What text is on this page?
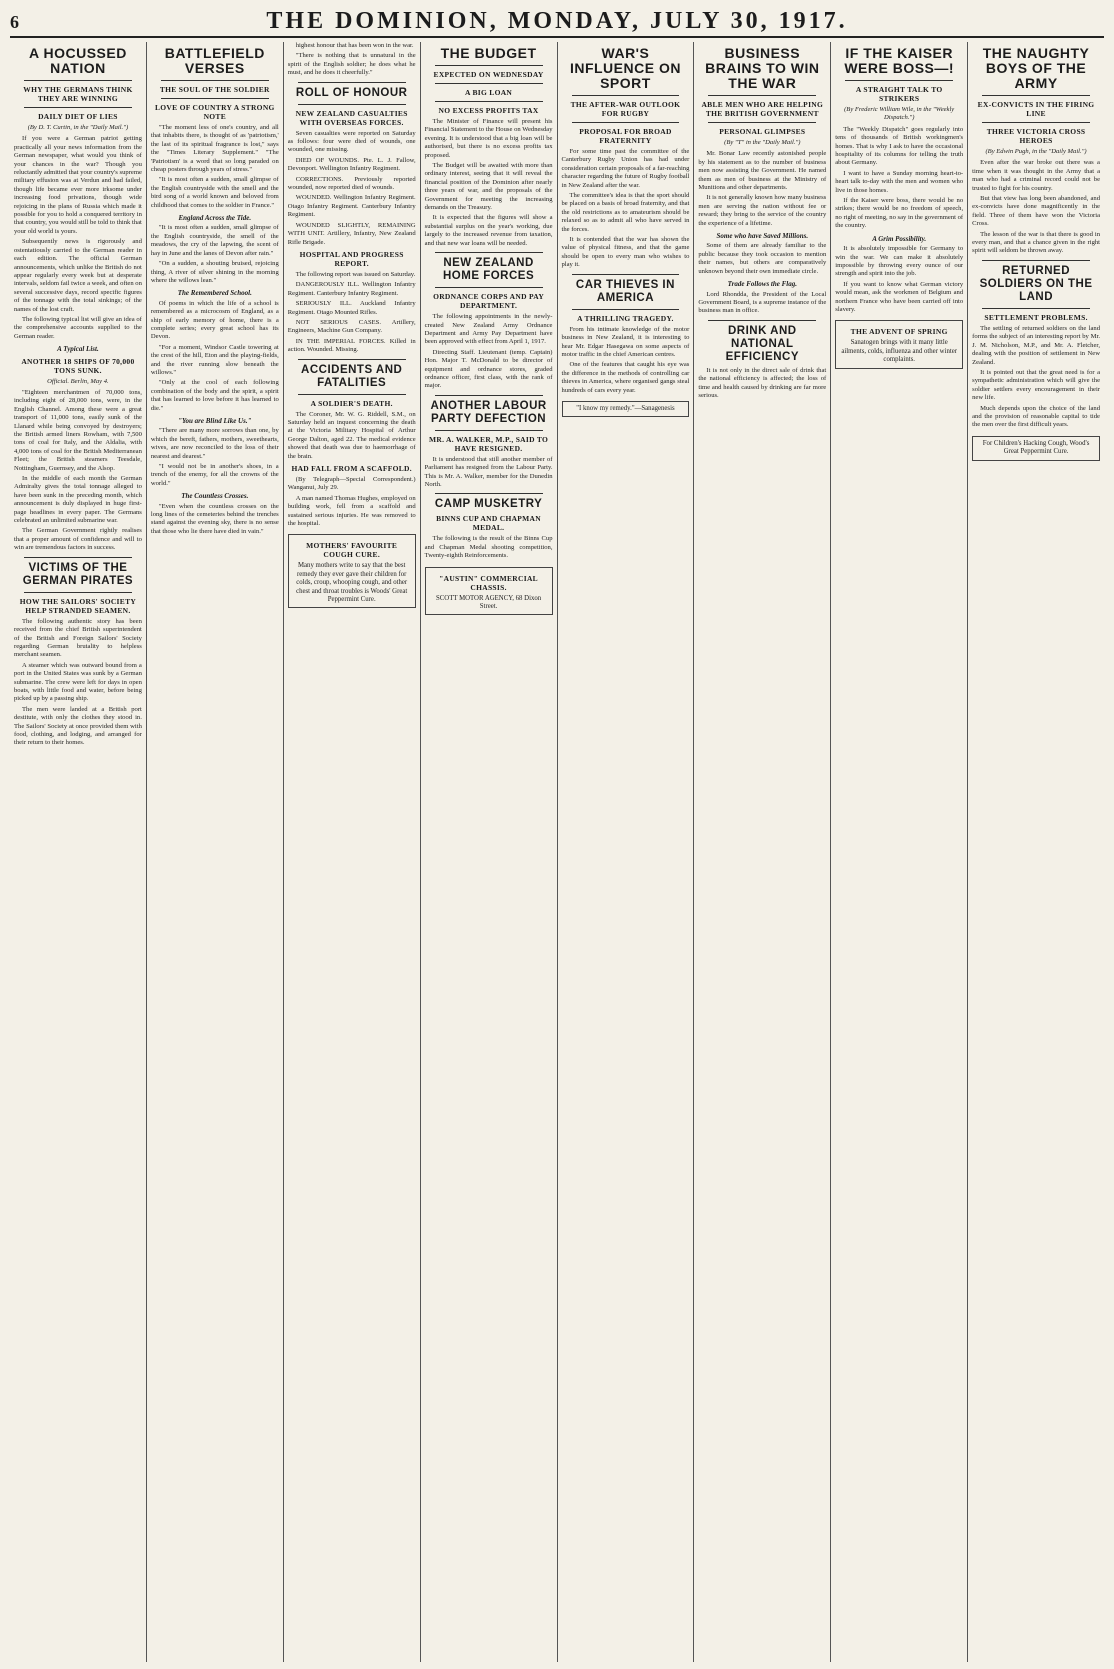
6	THE DOMINION, MONDAY, JULY 30, 1917.
A HOCUSSED NATION
WHY THE GERMANS THINK THEY ARE WINNING
DAILY DIET OF LIES
(By D. T. Curtin, in the "Daily Mail.")

If you were a German patriot getting practically all your news information from the German newspaper, what would you think of your chances in the war? Though you reluctantly admitted that your country's supreme military effusion was at Verdun and had failed, though life became ever more irksome under increasing food privations, though wide rejoicing in the plans of Russia which made it possible for you to hold a conquered territory in that country, you would still be told to think that your old world is yours.

Subsequently news is rigorously and ostentatiously carried to the German reader in each edition. The official German announcements, which unlike the British do not appear regularly every week but at desperate intervals, seldom fail twice a week, and often on several successive days, record specific figures of the tonnage with the total sinkings; of the names of the lost craft.

The following typical list will give an idea of the comprehensive accounts supplied to the German reader.

A Typical List.
ANOTHER 18 SHIPS OF 70,000 TONS SUNK.
Official. Berlin, May 4.

"Eighteen merchantmen of 70,000 tons, including eight of 28,000 tons, were, in the English Channel. Among these were a great transport of 11,000 tons, easily sunk of the Llanard while being convoyed by destroyers; the British armed liners Rowham, with 7,500 tons of coal for Italy, and the Aldalia, with 4,000 tons of coal for the British Mediterranean Fleet; the British steamers Teesdale, Nottingham, Guernsey, and the Alsop.

In the middle of each month the German Admiralty gives the total tonnage alleged to have been sunk in the preceding month, which announcement is duly displayed in huge first-page headlines in every paper. The Germans celebrated an unlimited submarine war.

The German Government rightly realises that a proper amount of confidence and will to win are tremendous factors in success.

VICTIMS OF THE GERMAN PIRATES
HOW THE SAILORS' SOCIETY HELP STRANDED SEAMEN.

The following authentic story has been received from the chief British superintendent of the British and Foreign Sailors' Society regarding German brutality to helpless merchant seamen.

A steamer which was outward bound from a port in the United States was sunk by a German submarine. The crew were left for days in open boats, with little food and water, before being picked up by a passing ship.

The men were landed at a British port destitute, with only the clothes they stood in. The Sailors' Society at once provided them with food, clothing, and lodging, and arranged for their return to their homes.

BATTLEFIELD VERSES
THE SOUL OF THE SOLDIER
LOVE OF COUNTRY A STRONG NOTE

"The moment less of one's country, and all that inhabits there, is thought of as 'patriotism,' the last of its spiritual fragrance is lost," says the "Times Literary Supplement." "The 'Patriotism' is a word that so long paraded on cheap posters through years of stress."

"It is most often a sudden, small glimpse of the English countryside with the smell and the bird song of a world known and beloved from childhood that comes to the soldier in France."

England Across the Tide.

"It is most often a sudden, small glimpse of the English countryside, the smell of the meadows, the cry of the lapwing, the scent of hay in June and the lanes of Devon after rain."

"On a sudden, a shouting bruised, rejoicing thing, A river of silver shining in the morning where the willows lean."

The Remembered School.

Of poems in which the life of a school is remembered as a microcosm of England, as a ship of early memory of home, there is a complete series; every great school has its Devon.

"For a moment, Windsor Castle towering at the crest of the hill, Eton and the playing-fields, and the river running slow beneath the willows."

"Only at the cool of each following combination of the body and the spirit, a spirit that has learned to love before it has learned to die."

"You are Blind Like Us."

"There are many more sorrows than one, by which the bereft, fathers, mothers, sweethearts, wives, are now reconciled to the loss of their nearest and dearest."

"I would not be in another's shoes, in a trench of the enemy, for all the crowns of the world."

The Countless Crosses.

"Even when the countless crosses on the long lines of the cemeteries behind the trenches stand against the evening sky, there is no sense that those who lie there have died in vain."

highest honour that has been won in the war.

"There is nothing that is unnatural in the spirit of the English soldier; he does what he must, and he does it cheerfully."

ROLL OF HONOUR
NEW ZEALAND CASUALTIES WITH OVERSEAS FORCES.

Seven casualties were reported on Saturday as follows: four were died of wounds, one wounded, one missing.

DIED OF WOUNDS. Pte. L. J. Fallow, Devonport. Wellington Infantry Regiment.

CORRECTIONS. Previously reported wounded, now reported died of wounds.

WOUNDED. Wellington Infantry Regiment. Otago Infantry Regiment. Canterbury Infantry Regiment.

WOUNDED SLIGHTLY, REMAINING WITH UNIT. Artillery, Infantry, New Zealand Rifle Brigade.

HOSPITAL AND PROGRESS REPORT.

The following report was issued on Saturday.

DANGEROUSLY ILL. Wellington Infantry Regiment. Canterbury Infantry Regiment.

SERIOUSLY ILL. Auckland Infantry Regiment. Otago Mounted Rifles.

NOT SERIOUS CASES. Artillery, Engineers, Machine Gun Company.

IN THE IMPERIAL FORCES. Killed in action. Wounded. Missing.

ACCIDENTS AND FATALITIES
A SOLDIER'S DEATH.

The Coroner, Mr. W. G. Riddell, S.M., on Saturday held an inquest concerning the death at the Victoria Military Hospital of Arthur George Dalton, aged 22. The medical evidence showed that death was due to haemorrhage of the brain.

HAD FALL FROM A SCAFFOLD.

(By Telegraph—Special Correspondent.) Wanganui, July 29.

A man named Thomas Hughes, employed on building work, fell from a scaffold and sustained serious injuries. He was removed to the hospital.

MOTHERS' FAVOURITE COUGH CURE.
Many mothers write to say that the best remedy they ever gave their children for colds, croup, whooping cough, and other chest and throat troubles is Woods' Great Peppermint Cure.
THE BUDGET
EXPECTED ON WEDNESDAY
A BIG LOAN
NO EXCESS PROFITS TAX

The Minister of Finance will present his Financial Statement to the House on Wednesday evening. It is understood that a big loan will be authorised, but there is no excess profits tax proposed.

The Budget will be awaited with more than ordinary interest, seeing that it will reveal the financial position of the Dominion after nearly three years of war, and the proposals of the Government for meeting the increasing demands on the Treasury.

It is expected that the figures will show a substantial surplus on the year's working, due largely to the increased revenue from taxation, and that new war loans will be needed.

NEW ZEALAND HOME FORCES
ORDNANCE CORPS AND PAY DEPARTMENT.

The following appointments in the newly-created New Zealand Army Ordnance Department and Army Pay Department have been approved with effect from April 1, 1917.

Directing Staff. Lieutenant (temp. Captain) Hon. Major T. McDonald to be director of equipment and ordnance stores, graded ordnance officer, first class, with the rank of major.

ANOTHER LABOUR PARTY DEFECTION
MR. A. WALKER, M.P., SAID TO HAVE RESIGNED.

It is understood that still another member of Parliament has resigned from the Labour Party. This is Mr. A. Walker, member for the Dunedin North.

CAMP MUSKETRY
BINNS CUP AND CHAPMAN MEDAL.

The following is the result of the Binns Cup and Chapman Medal shooting competition, Twenty-eighth Reinforcements.

"AUSTIN" COMMERCIAL CHASSIS.
SCOTT MOTOR AGENCY, 68 Dixon Street.
WAR'S INFLUENCE ON SPORT
THE AFTER-WAR OUTLOOK FOR RUGBY
PROPOSAL FOR BROAD FRATERNITY

For some time past the committee of the Canterbury Rugby Union has had under consideration certain proposals of a far-reaching character regarding the future of Rugby football in New Zealand after the war.

The committee's idea is that the sport should be placed on a basis of broad fraternity, and that the old restrictions as to amateurism should be relaxed so as to admit all who have served in the forces.

It is contended that the war has shown the value of physical fitness, and that the game should be open to every man who wishes to play it.

CAR THIEVES IN AMERICA
A THRILLING TRAGEDY.

From his intimate knowledge of the motor business in New Zealand, it is interesting to hear Mr. Edgar Hasegawa on some aspects of motor traffic in the chief American centres.

One of the features that caught his eye was the difference in the methods of controlling car thieves in America, where organised gangs steal hundreds of cars every year.

"I know my remedy."—Sanagenesis
BUSINESS BRAINS TO WIN THE WAR
ABLE MEN WHO ARE HELPING THE BRITISH GOVERNMENT
PERSONAL GLIMPSES
(By "T" in the "Daily Mail.")

Mr. Bonar Law recently astonished people by his statement as to the number of business men now assisting the Government. He named them as men of business at the Ministry of Munitions and other departments.

It is not generally known how many business men are serving the nation without fee or reward; they bring to the service of the country the experience of a lifetime.

Some who have Saved Millions.

Some of them are already familiar to the public because they took occasion to mention their names, but others are comparatively unknown beyond their own immediate circle.

Trade Follows the Flag.

Lord Rhondda, the President of the Local Government Board, is a supreme instance of the business man in office.

DRINK AND NATIONAL EFFICIENCY

It is not only in the direct sale of drink that the national efficiency is affected; the loss of time and health caused by drinking are far more serious.

IF THE KAISER WERE BOSS—!
A STRAIGHT TALK TO STRIKERS
(By Frederic William Wile, in the "Weekly Dispatch.")

The "Weekly Dispatch" goes regularly into tens of thousands of British workingmen's homes. That is why I ask to have the occasional hospitality of its columns for telling the truth about Germany.

I want to have a Sunday morning heart-to-heart talk to-day with the men and women who live in those homes.

If the Kaiser were boss, there would be no strikes; there would be no freedom of speech, no right of meeting, no say in the government of the country.

A Grim Possibility.

It is absolutely impossible for Germany to win the war. We can make it absolutely impossible by throwing every ounce of our strength and spirit into the job.

If you want to know what German victory would mean, ask the workmen of Belgium and northern France who have been carried off into slavery.

THE ADVENT OF SPRING
Sanatogen brings with it many little ailments, colds, influenza and other winter complaints.
THE NAUGHTY BOYS OF THE ARMY
EX-CONVICTS IN THE FIRING LINE
THREE VICTORIA CROSS HEROES
(By Edwin Pugh, in the "Daily Mail.")

Even after the war broke out there was a time when it was thought in the Army that a man who had a criminal record could not be trusted to fight for his country.

But that view has long been abandoned, and ex-convicts have done magnificently in the field. Three of them have won the Victoria Cross.

The lesson of the war is that there is good in every man, and that a chance given in the right spirit will seldom be thrown away.

RETURNED SOLDIERS ON THE LAND
SETTLEMENT PROBLEMS.

The settling of returned soldiers on the land forms the subject of an interesting report by Mr. J. M. Nicholson, M.P., and Mr. A. Fletcher, dealing with the position of settlement in New Zealand.

It is pointed out that the great need is for a sympathetic administration which will give the soldier settlers every encouragement in their new life.

Much depends upon the choice of the land and the provision of reasonable capital to tide the men over the first difficult years.

For Children's Hacking Cough, Wood's Great Peppermint Cure.
